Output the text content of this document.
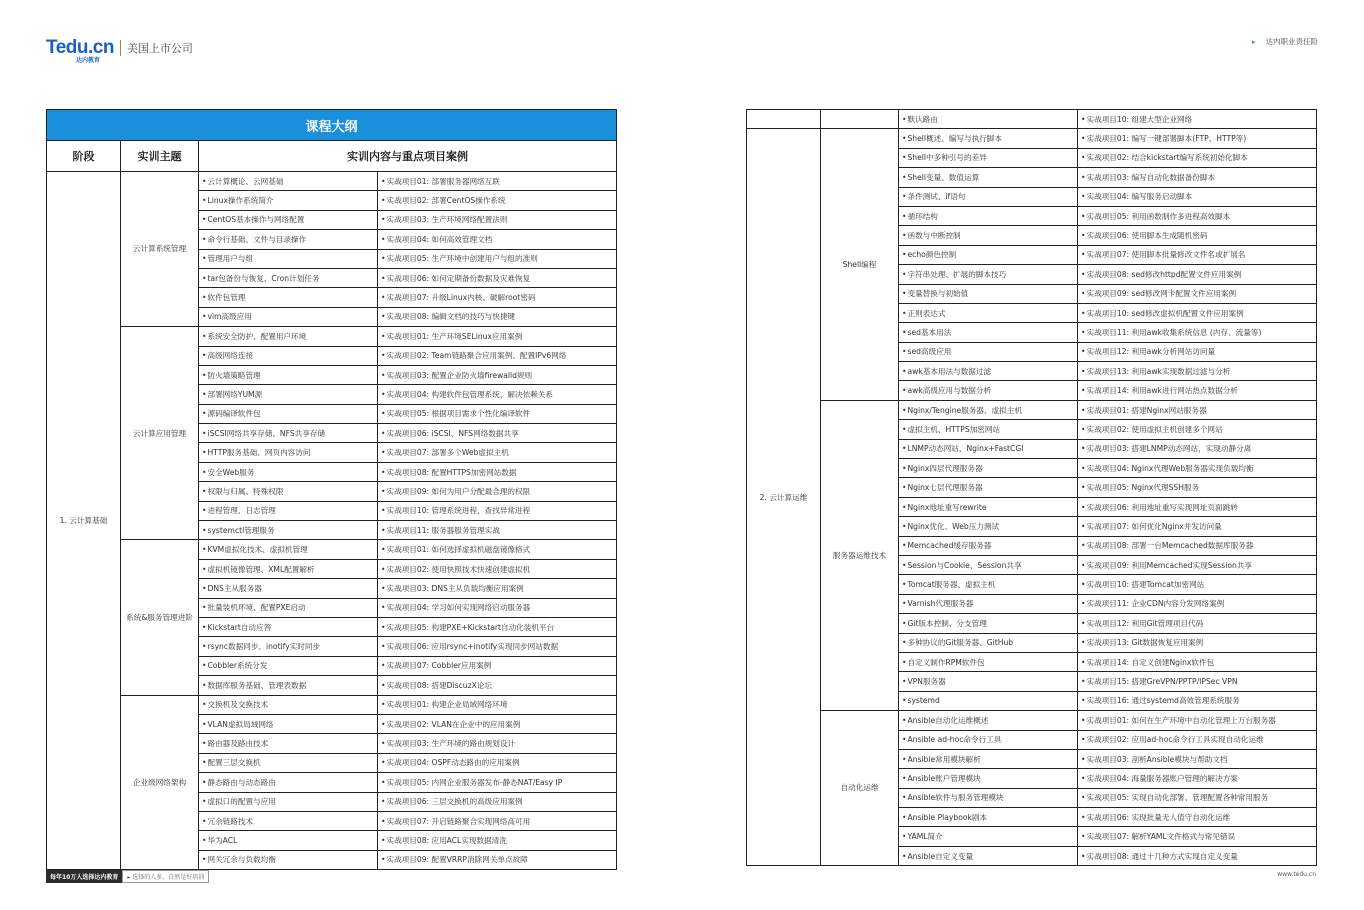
Tedu.cn
达内教育
美国上市公司	▸ 达内职业责任险
课程大纲			
阶段	实训主题	实训内容与重点项目案例	
1. 云计算基础	云计算系统管理	•云计算概论、云网基础	•实战项目01: 部署服务器网络互联
		•Linux操作系统简介	•实战项目02: 部署CentOS操作系统
		•CentOS基本操作与网络配置	•实战项目03: 生产环境网络配置法则
		•命令行基础、文件与目录操作	•实战项目04: 如何高效管理文档
		•管理用户与组	•实战项目05: 生产环境中创建用户与组的准则
		•tar包备份与恢复、Cron计划任务	•实战项目06: 如何定期备份数据及灾难恢复
		•软件包管理	•实战项目07: 升级Linux内核、破解root密码
		•vim高级应用	•实战项目08: 编辑文档的技巧与快捷键
	云计算应用管理	•系统安全防护、配置用户环境	•实战项目01: 生产环境SELinux应用案例
		•高级网络连接	•实战项目02: Team链路聚合应用案例、配置IPv6网络
		•防火墙策略管理	•实战项目03: 配置企业防火墙firewalld规则
		•部署网络YUM源	•实战项目04: 构建软件包管理系统，解决依赖关系
		•源码编译软件包	•实战项目05: 根据项目需求个性化编译软件
		•iSCSI网络共享存储、NFS共享存储	•实战项目06: iSCSI、NFS网络数据共享
		•HTTP服务基础、网页内容访问	•实战项目07: 部署多个Web虚拟主机
		•安全Web服务	•实战项目08: 配置HTTPS加密网站数据
		•权限与归属、特殊权限	•实战项目09: 如何为用户分配最合理的权限
		•进程管理、日志管理	•实战项目10: 管理系统进程，查找异常进程
		•systemctl管理服务	•实战项目11: 服务器服务管理实战
	系统&服务管理进阶	•KVM虚拟化技术、虚拟机管理	•实战项目01: 如何选择虚拟机磁盘镜像格式
		•虚拟机镜像管理、XML配置解析	•实战项目02: 使用快照技术快速创建虚拟机
		•DNS主从服务器	•实战项目03: DNS主从负载均衡应用案例
		•批量装机环境、配置PXE启动	•实战项目04: 学习如何实现网络启动服务器
		•Kickstart自动应答	•实战项目05: 构建PXE+Kickstart自动化装机平台
		•rsync数据同步、inotify实时同步	•实战项目06: 应用rsync+inotify实现同步网站数据
		•Cobbler系统分发	•实战项目07: Cobbler应用案例
		•数据库服务基础、管理表数据	•实战项目08: 搭建DiscuzX论坛
	企业级网络架构	•交换机及交换技术	•实战项目01: 构建企业局域网络环境
		•VLAN虚拟局域网络	•实战项目02: VLAN在企业中的应用案例
		•路由器及路由技术	•实战项目03: 生产环境的路由规划设计
		•配置三层交换机	•实战项目04: OSPF动态路由的应用案例
		•静态路由与动态路由	•实战项目05: 内网企业服务器发布-静态NAT/Easy IP
		•虚拟口的配置与应用	•实战项目06: 三层交换机的高级应用案例
		•冗余链路技术	•实战项目07: 开启链路聚合实现网络高可用
		•华为ACL	•实战项目08: 应用ACL实现数据清洗
		•网关冗余与负载均衡	•实战项目09: 配置VRRP消除网关单点故障
		•默认路由	•实战项目10: 组建大型企业网络
2. 云计算运维	Shell编程	•Shell概述、编写与执行脚本	•实战项目01: 编写一键部署脚本(FTP、HTTP等)
		•Shell中多种引号的差异	•实战项目02: 结合kickstart编写系统初始化脚本
		•Shell变量、数值运算	•实战项目03: 编写自动化数据备份脚本
		•条件测试、if语句	•实战项目04: 编写服务启动脚本
		•循环结构	•实战项目05: 利用函数制作多进程高效脚本
		•函数与中断控制	•实战项目06: 使用脚本生成随机密码
		•echo颜色控制	•实战项目07: 使用脚本批量修改文件名或扩展名
		•字符串处理、扩展的脚本技巧	•实战项目08: sed修改httpd配置文件应用案例
		•变量替换与初始值	•实战项目09: sed修改网卡配置文件应用案例
		•正则表达式	•实战项目10: sed修改虚拟机配置文件应用案例
		•sed基本用法	•实战项目11: 利用awk收集系统信息 (内存、流量等)
		•sed高级应用	•实战项目12: 利用awk分析网站访问量
		•awk基本用法与数据过滤	•实战项目13: 利用awk实现数据过滤与分析
		•awk高级应用与数据分析	•实战项目14: 利用awk进行网站热点数据分析
	服务器运维技术	•Nginx/Tengine服务器、虚拟主机	•实战项目01: 搭建Nginx网站服务器
		•虚拟主机、HTTPS加密网站	•实战项目02: 使用虚拟主机创建多个网站
		•LNMP动态网站、Nginx+FastCGI	•实战项目03: 搭建LNMP动态网站，实现动静分离
		•Nginx四层代理服务器	•实战项目04: Nginx代理Web服务器实现负载均衡
		•Nginx七层代理服务器	•实战项目05: Nginx代理SSH服务
		•Nginx地址重写rewrite	•实战项目06: 利用地址重写实现网址页面跳转
		•Nginx优化、Web压力测试	•实战项目07: 如何优化Nginx并发访问量
		•Memcached缓存服务器	•实战项目08: 部署一台Memcached数据库服务器
		•Session与Cookie、Session共享	•实战项目09: 利用Memcached实现Session共享
		•Tomcat服务器、虚拟主机	•实战项目10: 搭建Tomcat加密网站
		•Varnish代理服务器	•实战项目11: 企业CDN内容分发网络案例
		•Git版本控制、分支管理	•实战项目12: 利用Git管理项目代码
		•多种协议的Git服务器、GitHub	•实战项目13: Git数据恢复应用案例
		•自定义制作RPM软件包	•实战项目14: 自定义创建Nginx软件包
		•VPN服务器	•实战项目15: 搭建GreVPN/PPTP/IPSec VPN
		•systemd	•实战项目16: 通过systemd高效管理系统服务
	自动化运维	•Ansible自动化运维概述	•实战项目01: 如何在生产环境中自动化管理上万台服务器
		•Ansible ad-hoc命令行工具	•实战项目02: 应用ad-hoc命令行工具实现自动化运维
		•Ansible常用模块解析	•实战项目03: 剖析Ansible模块与帮助文档
		•Ansible账户管理模块	•实战项目04: 海量服务器账户管理的解决方案
		•Ansible软件与服务管理模块	•实战项目05: 实现自动化部署、管理配置各种常用服务
		•Ansible Playbook剧本	•实战项目06: 实现批量无人值守自动化运维
		•YAML简介	•实战项目07: 解析YAML文件格式与常见错误
		•Ansible自定义变量	•实战项目08: 通过十几种方式实现自定义变量
每年10万人选择达内教育	▸ 选择的人多，自然是好培训	www.tedu.cn
